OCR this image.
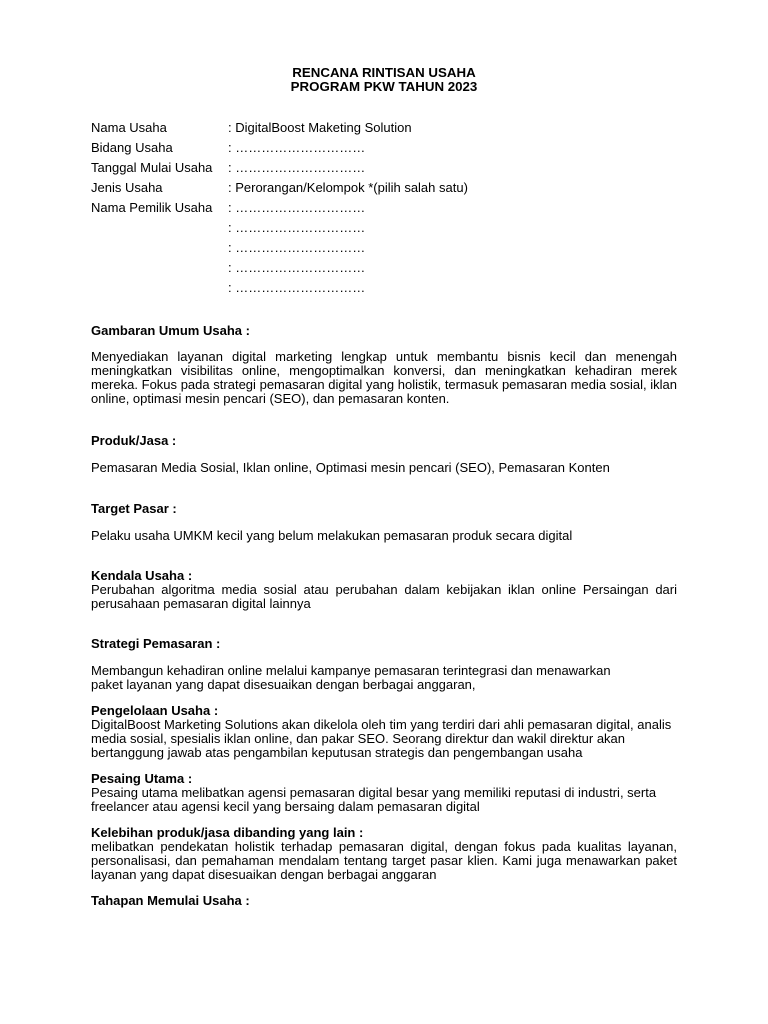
RENCANA RINTISAN USAHA

PROGRAM PKW TAHUN 2023

Nama Usaha	: DigitalBoost Maketing Solution
Bidang Usaha	: …………………………
Tanggal Mulai Usaha	: …………………………
Jenis Usaha	: Perorangan/Kelompok *(pilih salah satu)
Nama Pemilik Usaha	: …………………………
	: …………………………
	: …………………………
	: …………………………
	: …………………………

Gambaran Umum Usaha :

Menyediakan layanan digital marketing lengkap untuk membantu bisnis kecil dan menengah meningkatkan visibilitas online, mengoptimalkan konversi, dan meningkatkan kehadiran merek mereka. Fokus pada strategi pemasaran digital yang holistik, termasuk pemasaran media sosial, iklan online, optimasi mesin pencari (SEO), dan pemasaran konten.

Produk/Jasa :

Pemasaran Media Sosial, Iklan online, Optimasi mesin pencari (SEO), Pemasaran Konten

Target Pasar :

Pelaku usaha UMKM kecil yang belum melakukan pemasaran produk secara digital

Kendala Usaha :

Perubahan algoritma media sosial atau perubahan dalam kebijakan iklan online Persaingan dari perusahaan pemasaran digital lainnya

Strategi Pemasaran :

Membangun kehadiran online melalui kampanye pemasaran terintegrasi dan menawarkan paket layanan yang dapat disesuaikan dengan berbagai anggaran,

Pengelolaan Usaha :

DigitalBoost Marketing Solutions akan dikelola oleh tim yang terdiri dari ahli pemasaran digital, analis media sosial, spesialis iklan online, dan pakar SEO. Seorang direktur dan wakil direktur akan bertanggung jawab atas pengambilan keputusan strategis dan pengembangan usaha

Pesaing Utama :

Pesaing utama melibatkan agensi pemasaran digital besar yang memiliki reputasi di industri, serta freelancer atau agensi kecil yang bersaing dalam pemasaran digital

Kelebihan produk/jasa dibanding yang lain :

melibatkan pendekatan holistik terhadap pemasaran digital, dengan fokus pada kualitas layanan, personalisasi, dan pemahaman mendalam tentang target pasar klien. Kami juga menawarkan paket layanan yang dapat disesuaikan dengan berbagai anggaran

Tahapan Memulai Usaha :
